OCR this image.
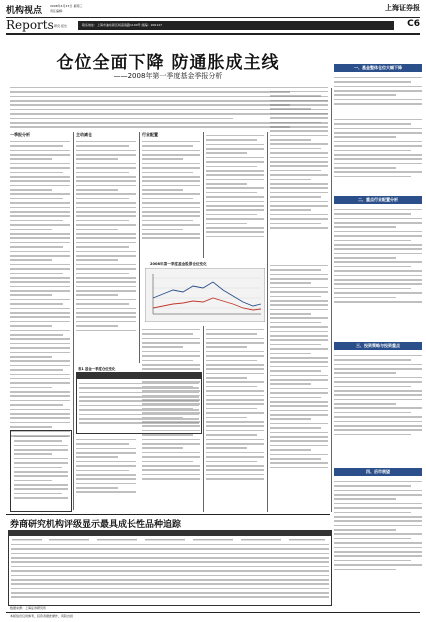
机构视点	2008年4月23日 星期三
责任编辑：	上海证券报
Reports 研究·报告	联系地址：上海市浦东新区杨高南路1100号 邮编：200127	C6
仓位全面下降 防通胀成主线
——2008年第一季度基金季报分析
一季报分析	主动减仓	行业配置
2008年第一季度基金股票仓位变化
表1 基金一季度仓位变化
一、基金整体仓位大幅下降
二、重点行业配置分析
三、投资策略与投资重点
四、后市展望
券商研究机构评级显示最具成长性品种追踪
数据来源：上海证券研究所
本版信息仅供参考，投资者据此操作，风险自担
